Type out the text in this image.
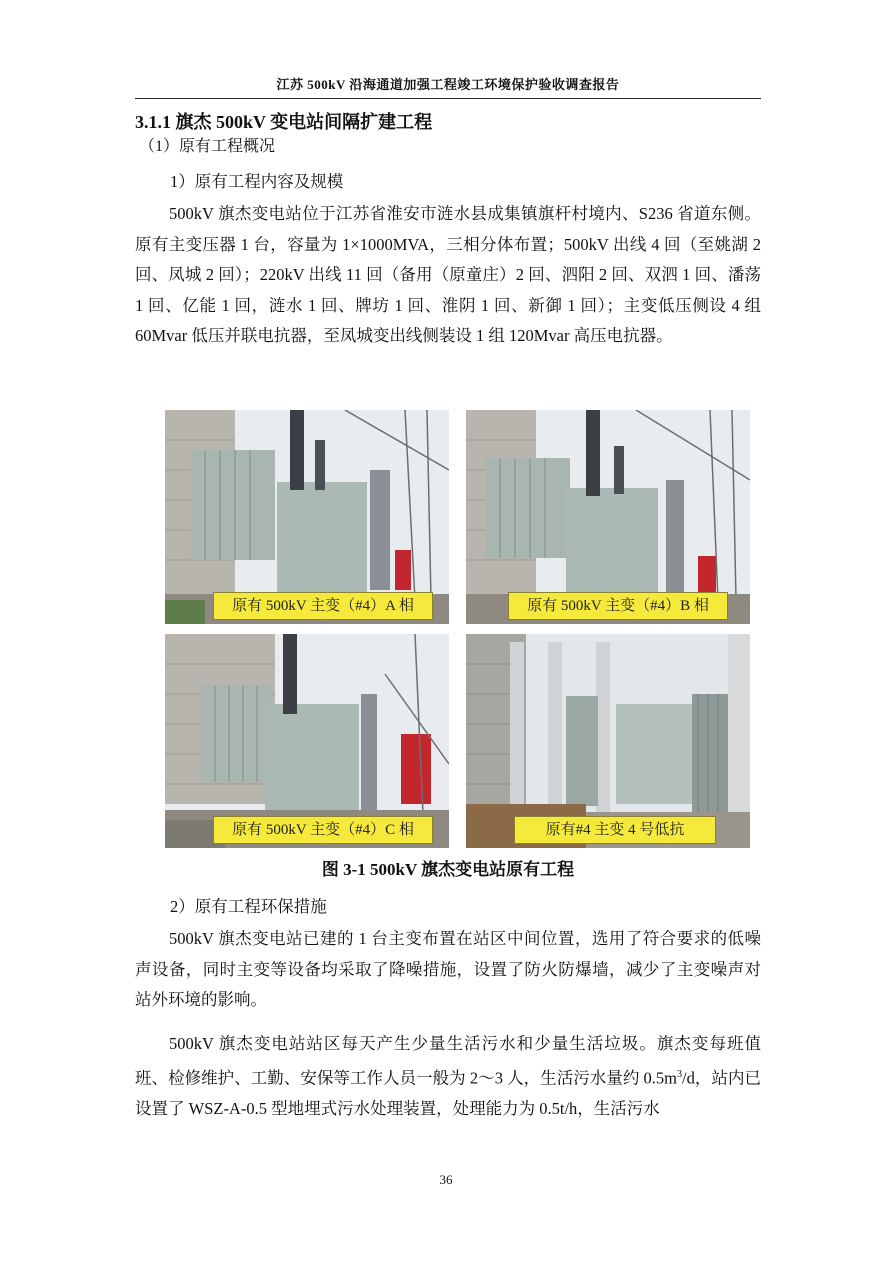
江苏 500kV 沿海通道加强工程竣工环境保护验收调查报告
3.1.1 旗杰 500kV 变电站间隔扩建工程
（1）原有工程概况
1）原有工程内容及规模
500kV 旗杰变电站位于江苏省淮安市涟水县成集镇旗杆村境内、S236 省道东侧。原有主变压器 1 台，容量为 1×1000MVA，三相分体布置；500kV 出线 4 回（至姚湖 2 回、凤城 2 回）；220kV 出线 11 回（备用（原童庄）2 回、泗阳 2 回、双泗 1 回、潘荡 1 回、亿能 1 回，涟水 1 回、牌坊 1 回、淮阴 1 回、新御 1 回）；主变低压侧设 4 组 60Mvar 低压并联电抗器，至凤城变出线侧装设 1 组 120Mvar 高压电抗器。
原有 500kV 主变（#4）A 相	原有 500kV 主变（#4）B 相
原有 500kV 主变（#4）C 相	原有#4 主变 4 号低抗
图 3-1 500kV 旗杰变电站原有工程
2）原有工程环保措施
500kV 旗杰变电站已建的 1 台主变布置在站区中间位置，选用了符合要求的低噪声设备，同时主变等设备均采取了降噪措施，设置了防火防爆墙，减少了主变噪声对站外环境的影响。
500kV 旗杰变电站站区每天产生少量生活污水和少量生活垃圾。旗杰变每班值班、检修维护、工勤、安保等工作人员一般为 2～3 人，生活污水量约 $0.5m^3/d$，站内已设置了 WSZ-A-0.5 型地埋式污水处理装置，处理能力为 0.5t/h，生活污水
36
